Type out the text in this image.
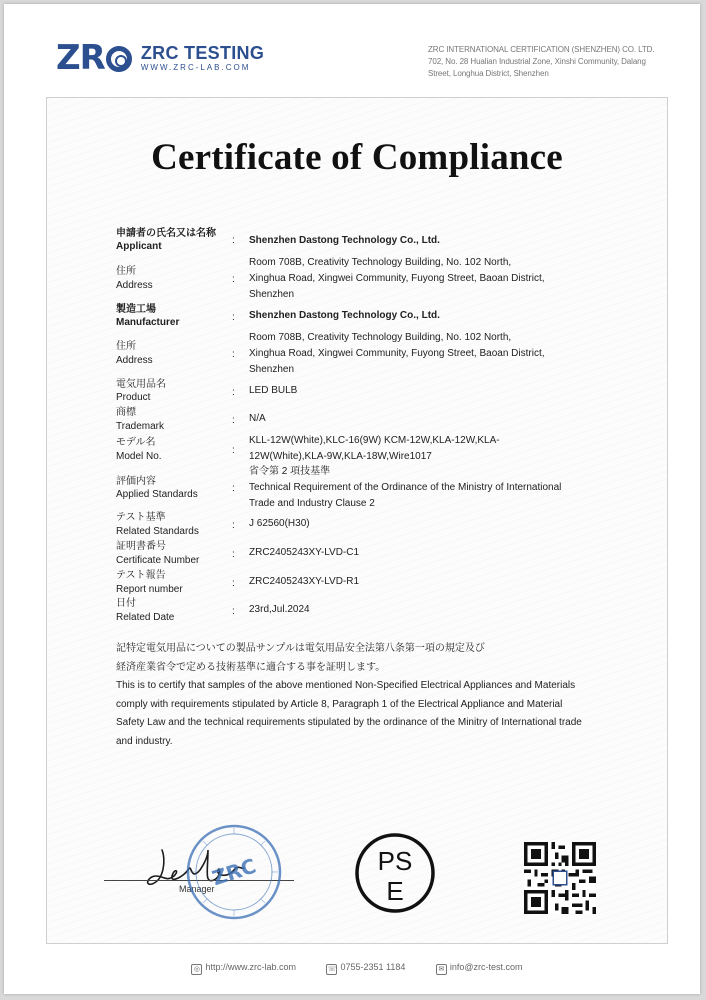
ZR	ZRC TESTING
WWW.ZRC-LAB.COM
ZRC INTERNATIONAL CERTIFICATION (SHENZHEN) CO. LTD.
702, No. 28 Hualian Industrial Zone, Xinshi Community, Dalang
Street, Longhua District, Shenzhen
Certificate of Compliance
申請者の氏名又は名称
Applicant
: Shenzhen Dastong Technology Co., Ltd.
住所
Address
:
Room 708B, Creativity Technology Building, No. 102 North,
Xinghua Road, Xingwei Community, Fuyong Street, Baoan District,
Shenzhen
製造工場
Manufacturer	: Shenzhen Dastong Technology Co., Ltd.
住所
Address
:
Room 708B, Creativity Technology Building, No. 102 North,
Xinghua Road, Xingwei Community, Fuyong Street, Baoan District,
Shenzhen
電気用品名
Product	: LED BULB
商標
Trademark
: N/A
モデル名
Model No.
:
KLL-12W(White),KLC-16(9W) KCM-12W,KLA-12W,KLA-
12W(White),KLA-9W,KLA-18W,Wire1017
評価内容
Applied Standards
:
省令第 2 項技基準
Technical Requirement of the Ordinance of the Ministry of International
Trade and Industry Clause 2
テスト基準
Related Standards
: J 62560(H30)
証明書番号
Certificate Number
: ZRC2405243XY-LVD-C1
テスト報告
Report number
: ZRC2405243XY-LVD-R1
日付
Related Date
: 23rd,Jul.2024
記特定電気用品についての製品サンプルは電気用品安全法第八条第一項の規定及び
経済産業省令で定める技術基準に適合する事を証明します。
This is to certify that samples of the above mentioned Non-Specified Electrical Appliances and Materials
comply with requirements stipulated by Article 8, Paragraph 1 of the Electrical Appliance and Material
Safety Law and the technical requirements stipulated by the ordinance of the Minitry of International trade
and industry.
Manager
ZRC	PS
E
◎ http://www.zrc-lab.com	☏ 0755-2351 1184	✉ info@zrc-test.com
